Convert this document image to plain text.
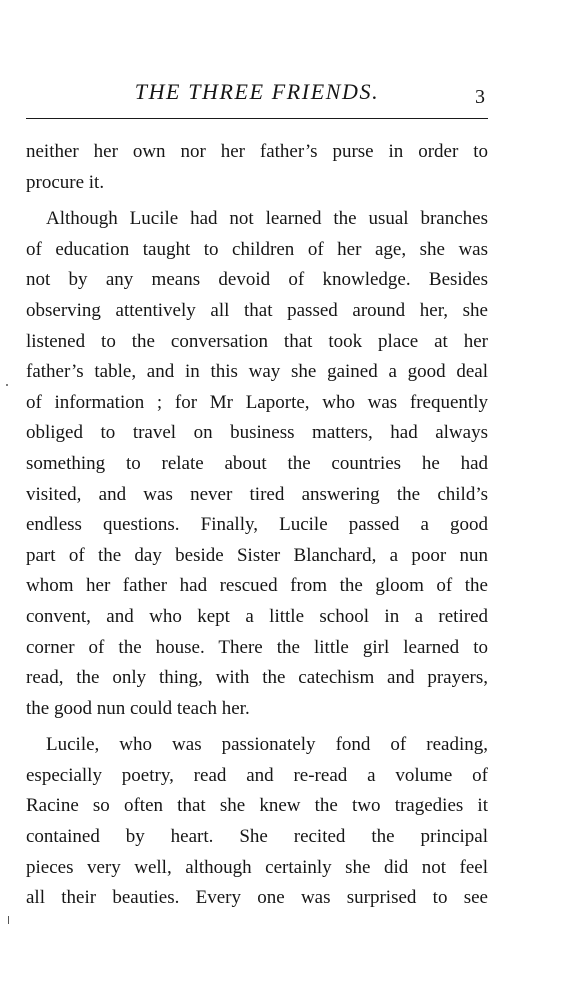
THE THREE FRIENDS.	3

neither her own nor her father’s purse in order to
procure it.

Although Lucile had not learned the usual branches
of education taught to children of her age, she was
not by any means devoid of knowledge. Besides
observing attentively all that passed around her, she
listened to the conversation that took place at her
father’s table, and in this way she gained a good deal
of information ; for Mr Laporte, who was frequently
obliged to travel on business matters, had always
something to relate about the countries he had
visited, and was never tired answering the child’s
endless questions. Finally, Lucile passed a good
part of the day beside Sister Blanchard, a poor nun
whom her father had rescued from the gloom of the
convent, and who kept a little school in a retired
corner of the house. There the little girl learned to
read, the only thing, with the catechism and prayers,
the good nun could teach her.

Lucile, who was passionately fond of reading,
especially poetry, read and re-read a volume of
Racine so often that she knew the two tragedies it
contained by heart. She recited the principal
pieces very well, although certainly she did not feel
all their beauties. Every one was surprised to see
